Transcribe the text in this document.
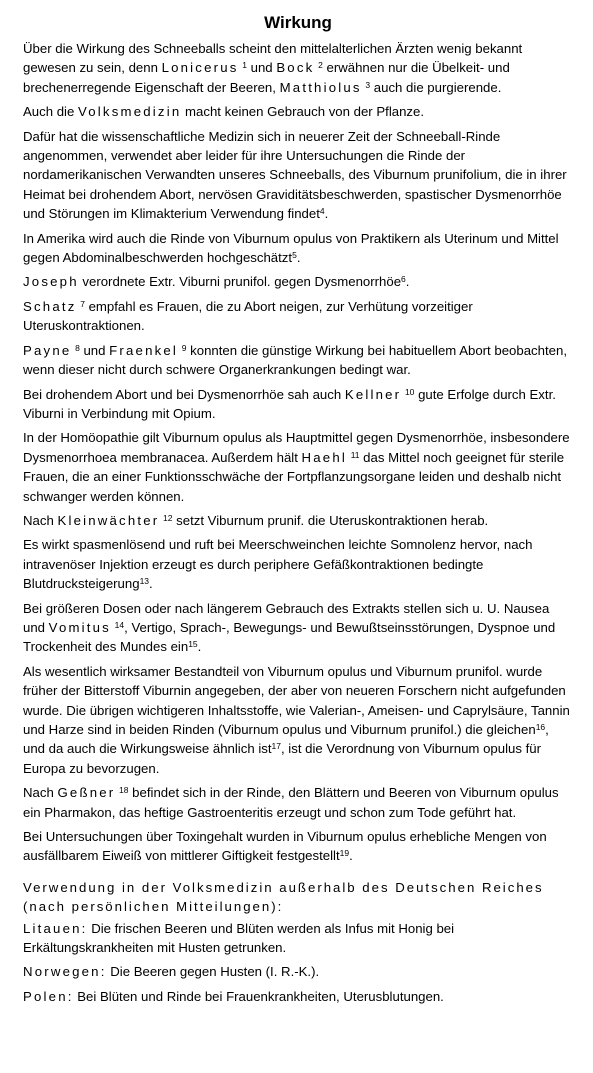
Wirkung

Über die Wirkung des Schneeballs scheint den mittelalterlichen Ärzten wenig bekannt gewesen zu sein, denn Lonicerus $^1$ und Bock $^2$ erwähnen nur die Übelkeit- und brechenerregende Eigenschaft der Beeren, Matthiolus $^3$ auch die purgierende.

Auch die Volksmedizin macht keinen Gebrauch von der Pflanze.

Dafür hat die wissenschaftliche Medizin sich in neuerer Zeit der Schneeball-Rinde angenommen, verwendet aber leider für ihre Untersuchungen die Rinde der nordamerikanischen Verwandten unseres Schneeballs, des Viburnum prunifolium, die in ihrer Heimat bei drohendem Abort, nervösen Graviditätsbeschwerden, spastischer Dysmenorrhöe und Störungen im Klimakterium Verwendung findet$^4$.

In Amerika wird auch die Rinde von Viburnum opulus von Praktikern als Uterinum und Mittel gegen Abdominalbeschwerden hochgeschätzt$^5$.

Joseph verordnete Extr. Viburni prunifol. gegen Dysmenorrhöe$^6$.

Schatz $^7$ empfahl es Frauen, die zu Abort neigen, zur Verhütung vorzeitiger Uteruskontraktionen.

Payne $^8$ und Fraenkel $^9$ konnten die günstige Wirkung bei habituellem Abort beobachten, wenn dieser nicht durch schwere Organerkrankungen bedingt war.

Bei drohendem Abort und bei Dysmenorrhöe sah auch Kellner $^{10}$ gute Erfolge durch Extr. Viburni in Verbindung mit Opium.

In der Homöopathie gilt Viburnum opulus als Hauptmittel gegen Dysmenorrhöe, insbesondere Dysmenorrhoea membranacea. Außerdem hält Haehl $^{11}$ das Mittel noch geeignet für sterile Frauen, die an einer Funktionsschwäche der Fortpflanzungsorgane leiden und deshalb nicht schwanger werden können.

Nach Kleinwächter $^{12}$ setzt Viburnum prunif. die Uteruskontraktionen herab.

Es wirkt spasmenlösend und ruft bei Meerschweinchen leichte Somnolenz hervor, nach intravenöser Injektion erzeugt es durch periphere Gefäßkontraktionen bedingte Blutdrucksteigerung$^{13}$.

Bei größeren Dosen oder nach längerem Gebrauch des Extrakts stellen sich u. U. Nausea und Vomitus $^{14}$, Vertigo, Sprach-, Bewegungs- und Bewußtseinsstörungen, Dyspnoe und Trockenheit des Mundes ein$^{15}$.

Als wesentlich wirksamer Bestandteil von Viburnum opulus und Viburnum prunifol. wurde früher der Bitterstoff Viburnin angegeben, der aber von neueren Forschern nicht aufgefunden wurde. Die übrigen wichtigeren Inhaltsstoffe, wie Valerian-, Ameisen- und Caprylsäure, Tannin und Harze sind in beiden Rinden (Viburnum opulus und Viburnum prunifol.) die gleichen$^{16}$, und da auch die Wirkungsweise ähnlich ist$^{17}$, ist die Verordnung von Viburnum opulus für Europa zu bevorzugen.

Nach Geßner $^{18}$ befindet sich in der Rinde, den Blättern und Beeren von Viburnum opulus ein Pharmakon, das heftige Gastroenteritis erzeugt und schon zum Tode geführt hat.

Bei Untersuchungen über Toxingehalt wurden in Viburnum opulus erhebliche Mengen von ausfällbarem Eiweiß von mittlerer Giftigkeit festgestellt$^{19}$.

Verwendung in der Volksmedizin außerhalb des Deutschen Reiches (nach persönlichen Mitteilungen):

Litauen: Die frischen Beeren und Blüten werden als Infus mit Honig bei Erkältungskrankheiten mit Husten getrunken.

Norwegen: Die Beeren gegen Husten (I. R.-K.).

Polen: Bei Blüten und Rinde bei Frauenkrankheiten, Uterusblutungen.
